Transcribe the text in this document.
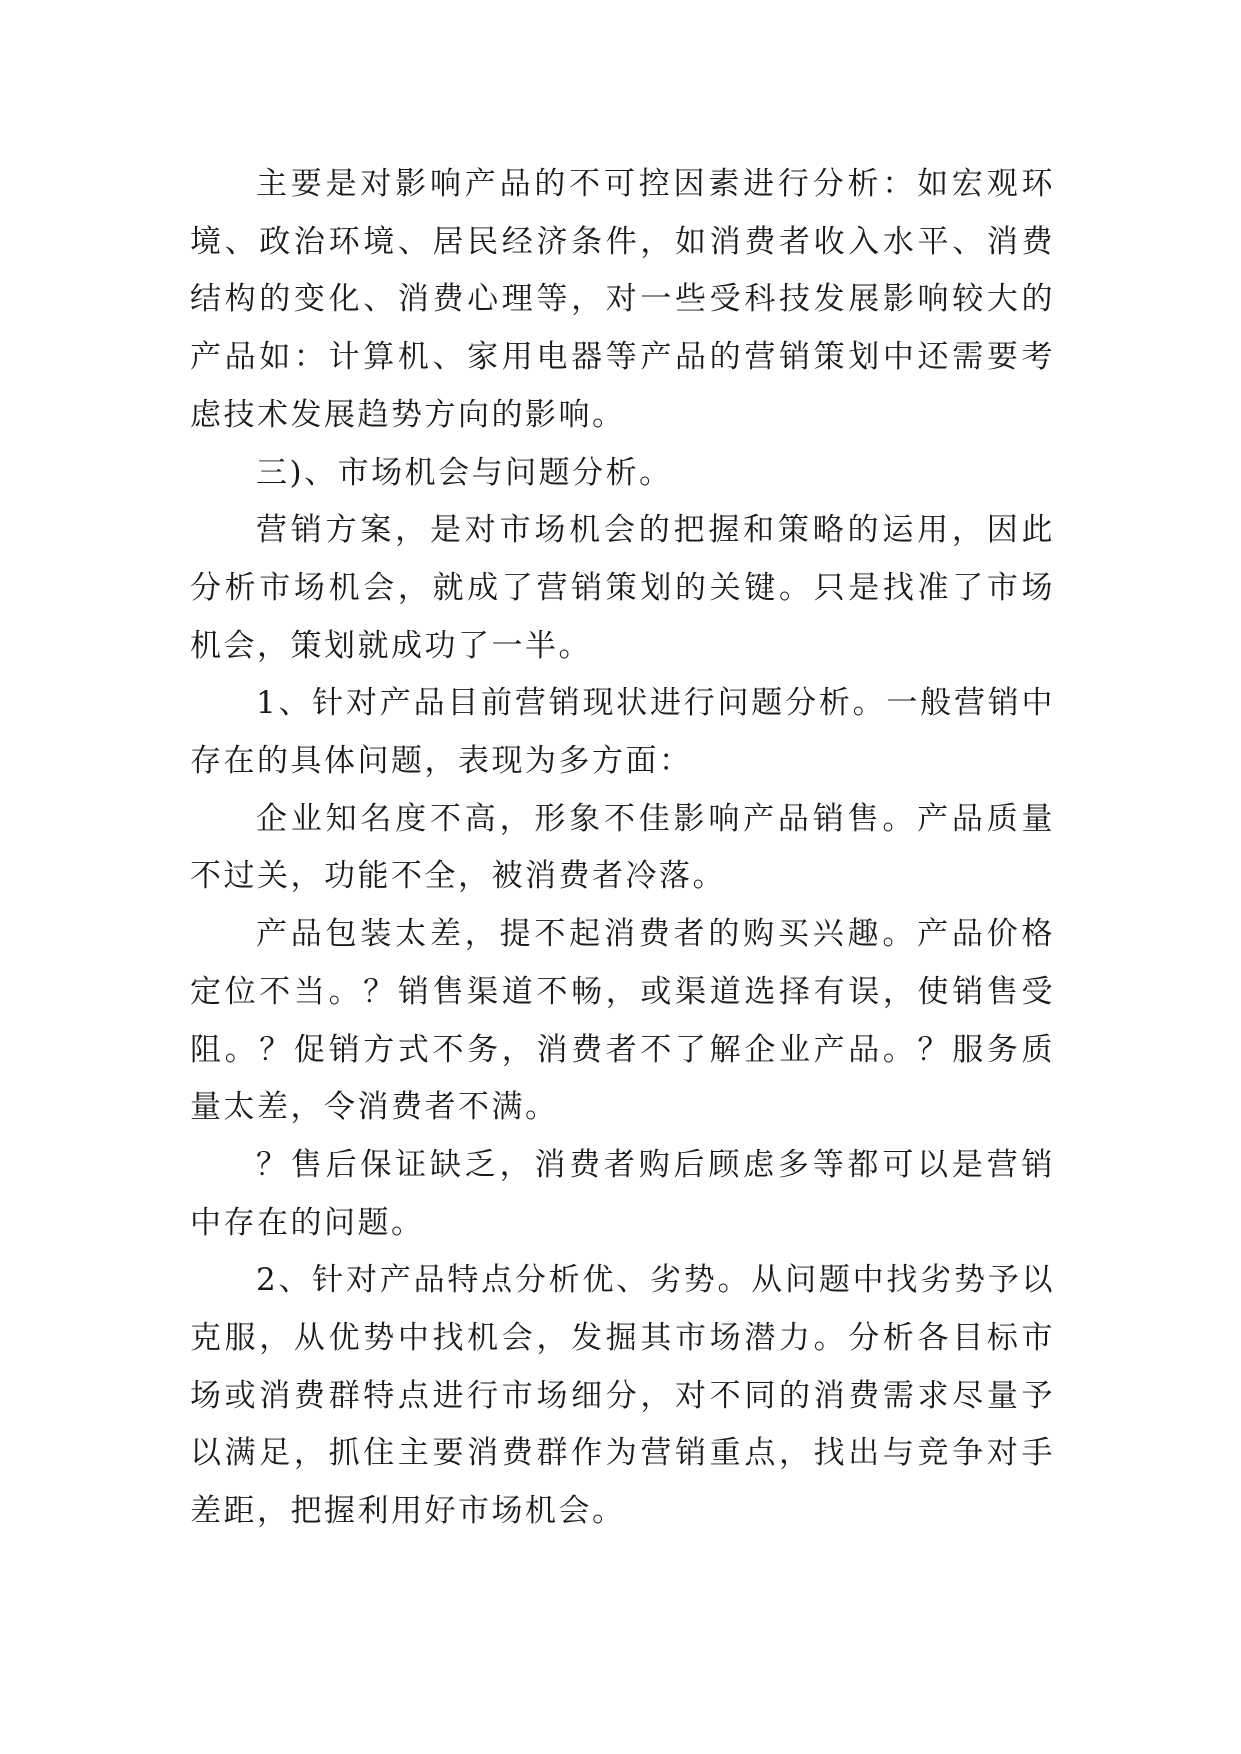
主要是对影响产品的不可控因素进行分析：如宏观环境、政治环境、居民经济条件，如消费者收入水平、消费结构的变化、消费心理等，对一些受科技发展影响较大的产品如：计算机、家用电器等产品的营销策划中还需要考虑技术发展趋势方向的影响。

三)、市场机会与问题分析。

营销方案，是对市场机会的把握和策略的运用，因此分析市场机会，就成了营销策划的关键。只是找准了市场机会，策划就成功了一半。

1、针对产品目前营销现状进行问题分析。一般营销中存在的具体问题，表现为多方面：

企业知名度不高，形象不佳影响产品销售。产品质量不过关，功能不全，被消费者冷落。

产品包装太差，提不起消费者的购买兴趣。产品价格定位不当。？销售渠道不畅，或渠道选择有误，使销售受阻。？促销方式不务，消费者不了解企业产品。？服务质量太差，令消费者不满。

？售后保证缺乏，消费者购后顾虑多等都可以是营销中存在的问题。

2、针对产品特点分析优、劣势。从问题中找劣势予以克服，从优势中找机会，发掘其市场潜力。分析各目标市场或消费群特点进行市场细分，对不同的消费需求尽量予以满足，抓住主要消费群作为营销重点，找出与竞争对手差距，把握利用好市场机会。
